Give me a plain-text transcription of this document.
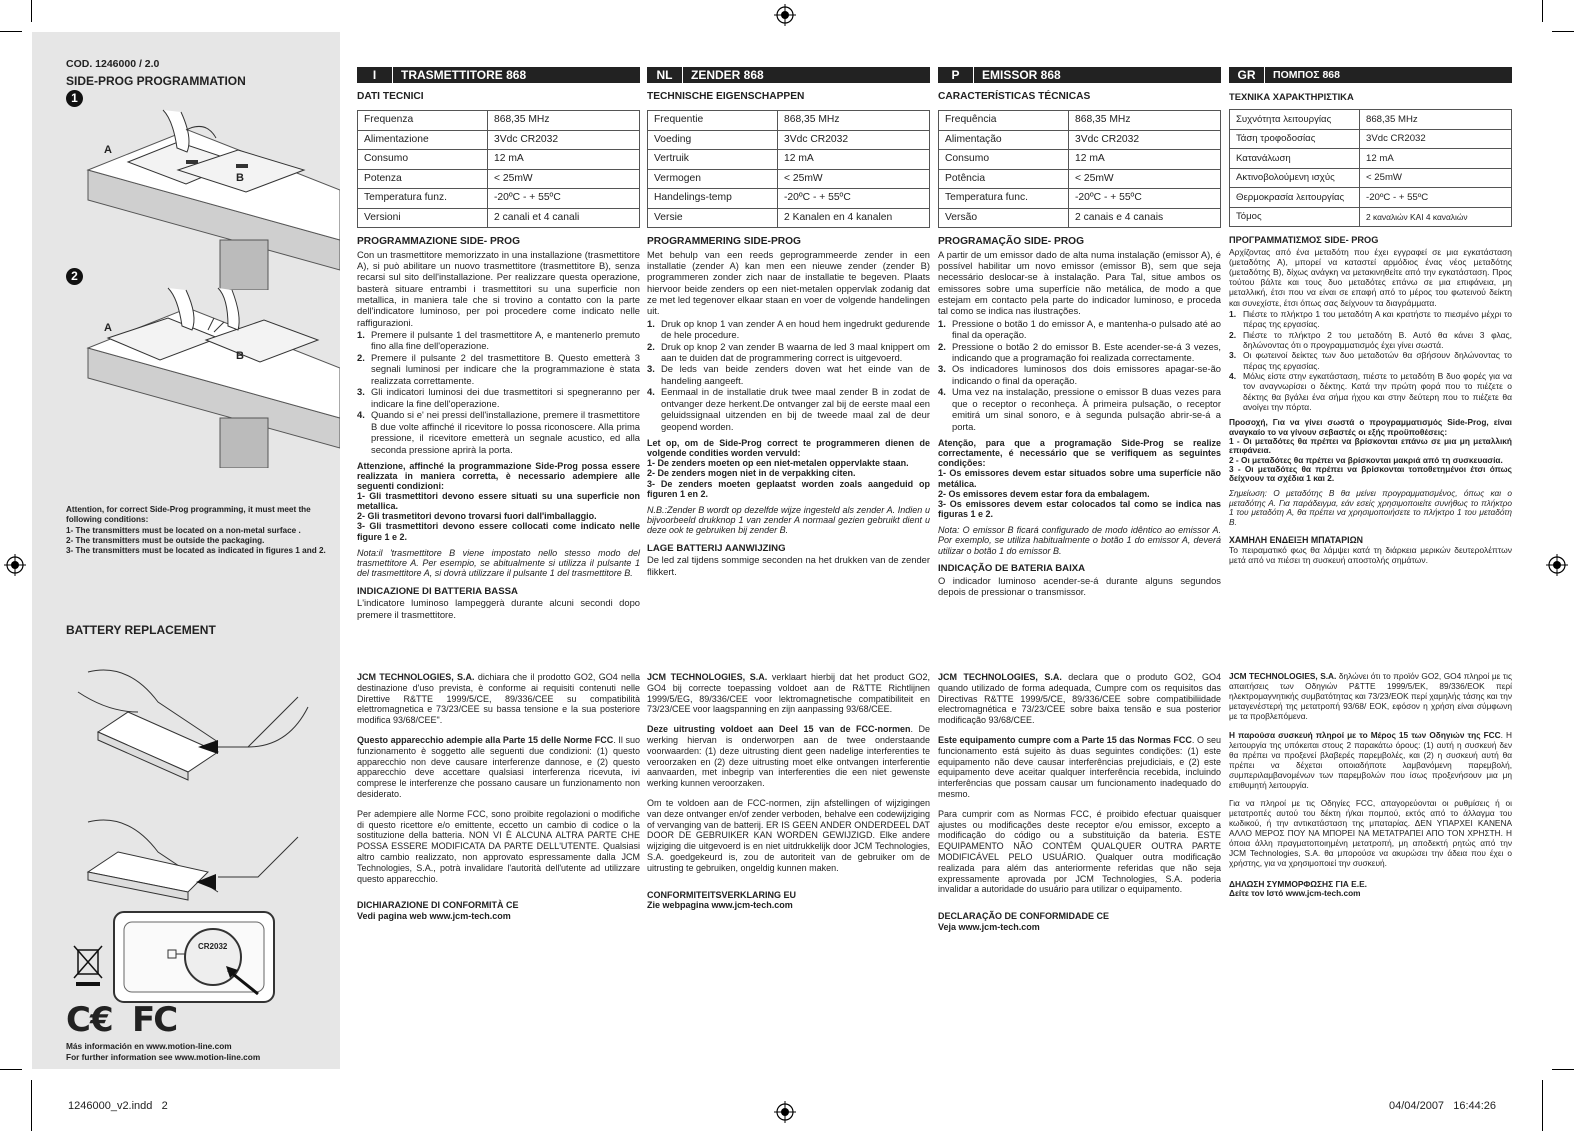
COD. 1246000 / 2.0
SIDE-PROG PROGRAMMATION
1
A
B
2
A
B
Attention, for correct Side-Prog programming, it must meet the following conditions:
1- The transmitters must be located on a non-metal surface .
2- The transmitters must be outside the packaging.
3- The transmitters must be located as indicated in figures 1 and 2.
BATTERY REPLACEMENT
CR2032
C€ FC
Más información en www.motion-line.com
For further information see www.motion-line.com
I	TRASMETTITORE 868
DATI TECNICI
Frequenza	868,35 MHz
Alimentazione	3Vdc CR2032
Consumo	12 mA
Potenza	< 25mW
Temperatura funz.	-20ºC - + 55ºC
Versioni	2 canali et 4 canali
PROGRAMMAZIONE SIDE- PROG
Con un trasmettitore memorizzato in una installazione (trasmettitore A), si può abilitare un nuovo trasmettitore (trasmettitore B), senza recarsi sul sito dell'installazione. Per realizzare questa operazione, basterà situare entrambi i trasmettitori su una superficie non metallica, in maniera tale che si trovino a contatto con la parte dell'indicatore luminoso, per poi procedere come indicato nelle raffigurazioni.
1. Premere il pulsante 1 del trasmettitore A, e mantenerlo premuto fino alla fine dell'operazione.
2. Premere il pulsante 2 del trasmettitore B. Questo emetterà 3 segnali luminosi per indicare che la programmazione è stata realizzata correttamente.
3. Gli indicatori luminosi dei due trasmettitori si spegneranno per indicare la fine dell'operazione.
4. Quando si e' nei pressi dell'installazione, premere il trasmettitore B due volte affinché il ricevitore lo possa riconoscere. Alla prima pressione, il ricevitore emetterà un segnale acustico, ed alla seconda pressione aprirà la porta.
Attenzione, affinché la programmazione Side-Prog possa essere realizzata in maniera corretta, è necessario adempiere alle seguenti condizioni:
1- Gli trasmettitori devono essere situati su una superficie non metallica.
2- Gli trasmetitori devono trovarsi fuori dall'imballaggio.
3- Gli trasmettitori devono essere collocati come indicato nelle figure 1 e 2.
Nota:il 'trasmettitore B viene impostato nello stesso modo del trasmettitore A. Per esempio, se abitualmente si utilizza il pulsante 1 del trasmettitore A, si dovrà utilizzare il pulsante 1 del trasmettitore B.
INDICAZIONE DI BATTERIA BASSA
L'indicatore luminoso lampeggerà durante alcuni secondi dopo premere il trasmettitore.
NL	ZENDER 868
TECHNISCHE EIGENSCHAPPEN
Frequentie	868,35 MHz
Voeding	3Vdc CR2032
Vertruik	12 mA
Vermogen	< 25mW
Handelings-temp	-20ºC - + 55ºC
Versie	2 Kanalen en 4 kanalen
PROGRAMMERING SIDE-PROG
Met behulp van een reeds geprogrammeerde zender in een installatie (zender A) kan men een nieuwe zender (zender B) programmeren zonder zich naar de installatie te begeven. Plaats hiervoor beide zenders op een niet-metalen oppervlak zodanig dat ze met led tegenover elkaar staan en voer de volgende handelingen uit.
1. Druk op knop 1 van zender A en houd hem ingedrukt gedurende de hele procedure.
2. Druk op knop 2 van zender B waarna de led 3 maal knippert om aan te duiden dat de programmering correct is uitgevoerd.
3. De leds van beide zenders doven wat het einde van de handeling aangeeft.
4. Eenmaal in de installatie druk twee maal zender B in zodat de ontvanger deze herkent.De ontvanger zal bij de eerste maal een geluidssignaal uitzenden en bij de tweede maal zal de deur geopend worden.
Let op, om de Side-Prog correct te programmeren dienen de volgende condities worden vervuld:
1- De zenders moeten op een niet-metalen oppervlakte staan.
2- De zenders mogen niet in de verpakking citen.
3- De zenders moeten geplaatst worden zoals aangeduid op figuren 1 en 2.
N.B.:Zender B wordt op dezelfde wijze ingesteld als zender A. Indien u bijvoorbeeld drukknop 1 van zender A normaal gezien gebruikt dient u deze ook te gebruiken bij zender B.
LAGE BATTERIJ AANWIJZING
De led zal tijdens sommige seconden na het drukken van de zender flikkert.
P	EMISSOR 868
CARACTERÍSTICAS TÉCNICAS
Frequência	868,35 MHz
Alimentação	3Vdc CR2032
Consumo	12 mA
Potência	< 25mW
Temperatura func.	-20ºC - + 55ºC
Versão	2 canais e 4 canais
PROGRAMAÇÃO SIDE- PROG
A partir de um emissor dado de alta numa instalação (emissor A), é possível habilitar um novo emissor (emissor B), sem que seja necessário deslocar-se à instalação. Para Tal, situe ambos os emissores sobre uma superfície não metálica, de modo a que estejam em contacto pela parte do indicador luminoso, e proceda tal como se indica nas ilustrações.
1. Pressione o botão 1 do emissor A, e mantenha-o pulsado até ao final da operação.
2. Pressione o botão 2 do emissor B. Este acender-se-á 3 vezes, indicando que a programação foi realizada correctamente.
3. Os indicadores luminosos dos dois emissores apagar-se-ão indicando o final da operação.
4. Uma vez na instalação, pressione o emissor B duas vezes para que o receptor o reconheça. À primeira pulsação, o receptor emitirá um sinal sonoro, e à segunda pulsação abrir-se-á a porta.
Atenção, para que a programação Side-Prog se realize correctamente, é necessário que se verifiquem as seguintes condições:
1- Os emissores devem estar situados sobre uma superfície não metálica.
2- Os emissores devem estar fora da embalagem.
3- Os emissores devem estar colocados tal como se indica nas figuras 1 e 2.
Nota: O emissor B ficará configurado de modo idêntico ao emissor A. Por exemplo, se utiliza habitualmente o botão 1 do emissor A, deverá utilizar o botão 1 do emissor B.
INDICAÇÃO DE BATERIA BAIXA
O indicador luminoso acender-se-á durante alguns segundos depois de pressionar o transmissor.
GR	ΠΟΜΠΟΣ 868
ΤΕΧΝΙΚΑ ΧΑΡΑΚΤΗΡΙΣΤΙΚΑ
Συχνότητα λειτουργίας	868,35 MHz
Τάση τροφοδοσίας	3Vdc CR2032
Κατανάλωση	12 mA
Ακτινοβολούμενη ισχύς	< 25mW
Θερμοκρασία λειτουργίας	-20ºC - + 55ºC
Τόμος	2 καναλιών ΚΑΙ 4 καναλιών
ΠΡΟΓΡΑΜΜΑΤΙΣΜΟΣ SIDE- PROG
Αρχίζοντας από ένα μεταδότη που έχει εγγραφεί σε μια εγκατάσταση (μεταδότης Α), μπορεί να καταστεί αρμόδιος ένας νέος μεταδότης (μεταδότης Β), δίχως ανάγκη να μετακινηθείτε από την εγκατάσταση. Προς τούτου βάλτε και τους δυο μεταδότες επάνω σε μια επιφάνεια, μη μεταλλική, έτσι που να είναι σε επαφή από το μέρος του φωτεινού δείκτη και συνεχίστε, έτσι όπως σας δείχνουν τα διαγράμματα.
1. Πιέστε το πλήκτρο 1 του μεταδότη Α και κρατήστε το πιεσμένο μέχρι το πέρας της εργασίας.
2. Πιέστε το πλήκτρο 2 του μεταδότη Β. Αυτό θα κάνει 3 φλας, δηλώνοντας ότι ο προγραμματισμός έχει γίνει σωστά.
3. Οι φωτεινοί δείκτες των δυο μεταδοτών θα σβήσουν δηλώνοντας το πέρας της εργασίας.
4. Μόλις είστε στην εγκατάσταση, πιέστε το μεταδότη Β δυο φορές για να τον αναγνωρίσει ο δέκτης. Κατά την πρώτη φορά που το πιέζετε ο δέκτης θα βγάλει ένα σήμα ήχου και στην δεύτερη που το πιέζετε θα ανοίγει την πόρτα.
Προσοχή, Για να γίνει σωστά ο προγραμματισμός Side-Prog, είναι αναγκαίο το να γίνουν σεβαστές οι εξής προϋποθέσεις:
1 - Οι μεταδότες θα πρέπει να βρίσκονται επάνω σε μια μη μεταλλική επιφάνεια.
2 - Οι μεταδότες θα πρέπει να βρίσκονται μακριά από τη συσκευασία.
3 - Οι μεταδότες θα πρέπει να βρίσκονται τοποθετημένοι έτσι όπως δείχνουν τα σχέδια 1 και 2.
Σημείωση: Ο μεταδότης Β θα μείνει προγραμματισμένος, όπως και ο μεταδότης Α. Για παράδειγμα, εάν εσείς χρησιμοποιείτε συνήθως το πλήκτρο 1 του μεταδότη Α, θα πρέπει να χρησιμοποιήσετε το πλήκτρο 1 του μεταδότη Β.
ΧΑΜΗΛΗ ΕΝΔΕΙΞΗ ΜΠΑΤΑΡΙΩΝ
Το πειραματικό φως θα λάμψει κατά τη διάρκεια μερικών δευτερολέπτων μετά από να πιέσει τη συσκευή αποστολής σημάτων.

JCM TECHNOLOGIES, S.A. dichiara che il prodotto GO2, GO4 nella destinazione d'uso prevista, è conforme ai requisiti contenuti nelle Direttive R&TTE 1999/5/CE, 89/336/CEE su compatibilità elettromagnetica e 73/23/CEE su bassa tensione e la sua posteriore modifica 93/68/CEE".

Questo apparecchio adempie alla Parte 15 delle Norme FCC. Il suo funzionamento è soggetto alle seguenti due condizioni: (1) questo apparecchio non deve causare interferenze dannose, e (2) questo apparecchio deve accettare qualsiasi interferenza ricevuta, ivi comprese le interferenze che possano causare un funzionamento non desiderato.

Per adempiere alle Norme FCC, sono proibite regolazioni o modifiche di questo ricettore e/o emittente, eccetto un cambio di codice o la sostituzione della batteria. NON VI È ALCUNA ALTRA PARTE CHE POSSA ESSERE MODIFICATA DA PARTE DELL'UTENTE. Qualsiasi altro cambio realizzato, non approvato espressamente dalla JCM Technologies, S.A., potrà invalidare l'autorità dell'utente ad utilizzare questo apparecchio.

DICHIARAZIONE DI CONFORMITÀ CE
Vedi pagina web www.jcm-tech.com

JCM TECHNOLOGIES, S.A. verklaart hierbij dat het product GO2, GO4 bij correcte toepassing voldoet aan de R&TTE Richtlijnen 1999/5/EG, 89/336/CEE voor lektromagnetische compatibiliteit en 73/23/CEE voor laagspanning en zijn aanpassing 93/68/CEE.

Deze uitrusting voldoet aan Deel 15 van de FCC-normen. De werking hiervan is onderworpen aan de twee onderstaande voorwaarden: (1) deze uitrusting dient geen nadelige interferenties te veroorzaken en (2) deze uitrusting moet elke ontvangen interferentie aanvaarden, met inbegrip van interferenties die een niet gewenste werking kunnen veroorzaken.

Om te voldoen aan de FCC-normen, zijn afstellingen of wijzigingen van deze ontvanger en/of zender verboden, behalve een codewijziging of vervanging van de batterij. ER IS GEEN ANDER ONDERDEEL DAT DOOR DE GEBRUIKER KAN WORDEN GEWIJZIGD. Elke andere wijziging die uitgevoerd is en niet uitdrukkelijk door JCM Technologies, S.A. goedgekeurd is, zou de autoriteit van de gebruiker om de uitrusting te gebruiken, ongeldig kunnen maken.

CONFORMITEITSVERKLARING EU
Zie webpagina www.jcm-tech.com

JCM TECHNOLOGIES, S.A. declara que o produto GO2, GO4 quando utilizado de forma adequada, Cumpre com os requisitos das Directivas R&TTE 1999/5/CE, 89/336/CEE sobre compatibiliidade electromagnética e 73/23/CEE sobre baixa tensão e sua posterior modificação 93/68/CEE.

Este equipamento cumpre com a Parte 15 das Normas FCC. O seu funcionamento está sujeito às duas seguintes condições: (1) este equipamento não deve causar interferências prejudiciais, e (2) este equipamento deve aceitar qualquer interferência recebida, incluindo interferências que possam causar um funcionamento inadequado do mesmo.

Para cumprir com as Normas FCC, é proibido efectuar quaisquer ajustes ou modificações deste receptor e/ou emissor, excepto a modificação do código ou a substituição da bateria. ESTE EQUIPAMENTO NÃO CONTÉM QUALQUER OUTRA PARTE MODIFICÁVEL PELO USUÁRIO. Qualquer outra modificação realizada para além das anteriormente referidas que não seja expressamente aprovada por JCM Technologies, S.A. poderia invalidar a autoridade do usuário para utilizar o equipamento.

DECLARAÇÃO DE CONFORMIDADE CE
Veja www.jcm-tech.com

JCM TECHNOLOGIES, S.A. δηλώνει ότι το προϊόν GO2, GO4 πληροί με τις απαιτήσεις των Οδηγιών Ρ&ΤΤΕ 1999/5/ΕΚ, 89/336/ΕΟΚ περί ηλεκτρομαγνητικής συμβατότητας και 73/23/ΕΟΚ περί χαμηλής τάσης και την μεταγενέστερή της μετατροπή 93/68/ ΕΟΚ, εφόσον η χρήση είναι σύμφωνη με τα προβλεπόμενα.

Η παρούσα συσκευή πληροί με το Μέρος 15 των Οδηγιών της FCC. Η λειτουργία της υπόκειται στους 2 παρακάτω όρους: (1) αυτή η συσκευή δεν θα πρέπει να προξενεί βλαβερές παρεμβολές, και (2) η συσκευή αυτή θα πρέπει να δέχεται οποιαδήποτε λαμβανόμενη παρεμβολή, συμπεριλαμβανομένων των παρεμβολών που ίσως προξενήσουν μια μη επιθυμητή λειτουργία.

Για να πληροί με τις Οδηγίες FCC, απαγορεύονται οι ρυθμίσεις ή οι μετατροπές αυτού του δέκτη ή/και πομπού, εκτός από το άλλαγμα του κωδικού, ή την αντικατάσταση της μπαταρίας. ΔΕΝ ΥΠΑΡΧΕΙ ΚΑΝΕΝΑ ΑΛΛΟ ΜΕΡΟΣ ΠΟΥ ΝΑ ΜΠΟΡΕΙ ΝΑ ΜΕΤΑΤΡΑΠΕΙ ΑΠΟ ΤΟΝ ΧΡΗΣΤΗ. Η όποια άλλη πραγματοποιημένη μετατροπή, μη αποδεκτή ρητώς από την JCM Technologies, S.A. θα μπορούσε να ακυρώσει την άδεια που έχει ο χρήστης, για να χρησιμοποιεί την συσκευή.

ΔΗΛΩΣΗ ΣΥΜΜΟΡΦΩΣΗΣ ΓΙΑ Ε.Ε.
Δείτε τον Ιστό www.jcm-tech.com
1246000_v2.indd   2	04/04/2007   16:44:26
